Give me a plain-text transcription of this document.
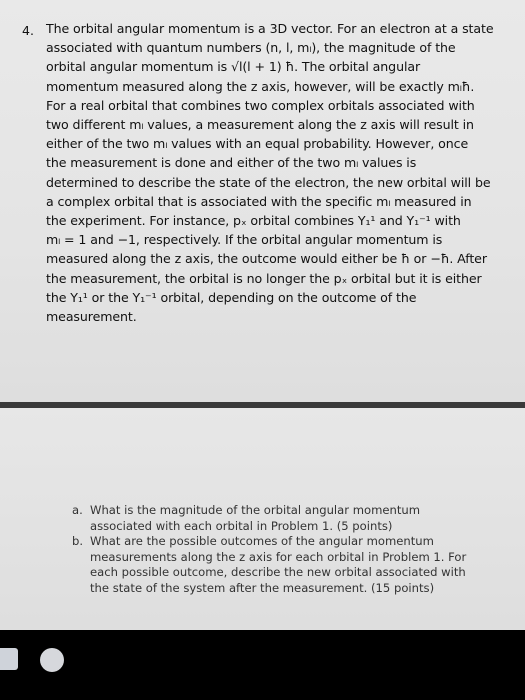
4. The orbital angular momentum is a 3D vector. For an electron at a state

associated with quantum numbers (n, l, mₗ), the magnitude of the

orbital angular momentum is √l(l + 1) ħ. The orbital angular

momentum measured along the z axis, however, will be exactly mₗħ.

For a real orbital that combines two complex orbitals associated with

two different mₗ values, a measurement along the z axis will result in

either of the two mₗ values with an equal probability. However, once

the measurement is done and either of the two mₗ values is

determined to describe the state of the electron, the new orbital will be

a complex orbital that is associated with the specific mₗ measured in

the experiment. For instance, pₓ orbital combines Y₁¹ and Y₁⁻¹ with

mₗ = 1 and −1, respectively. If the orbital angular momentum is

measured along the z axis, the outcome would either be ħ or −ħ. After

the measurement, the orbital is no longer the pₓ orbital but it is either

the Y₁¹ or the Y₁⁻¹ orbital, depending on the outcome of the

measurement.

a. What is the magnitude of the orbital angular momentum
associated with each orbital in Problem 1. (5 points)
b. What are the possible outcomes of the angular momentum
measurements along the z axis for each orbital in Problem 1. For
each possible outcome, describe the new orbital associated with
the state of the system after the measurement. (15 points)
